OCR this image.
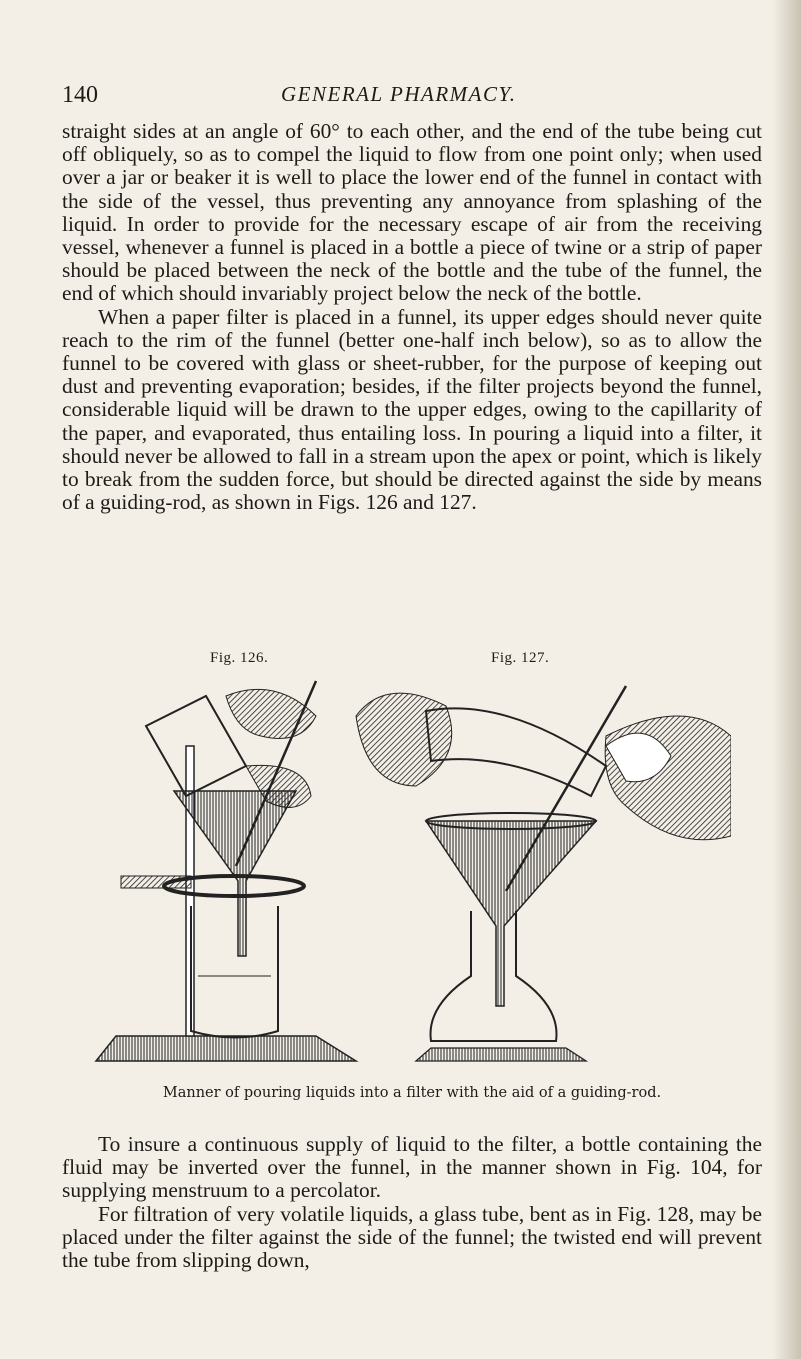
140	GENERAL PHARMACY.

straight sides at an angle of 60° to each other, and the end of the tube being cut off obliquely, so as to compel the liquid to flow from one point only; when used over a jar or beaker it is well to place the lower end of the funnel in contact with the side of the vessel, thus preventing any annoyance from splashing of the liquid. In order to provide for the necessary escape of air from the receiving vessel, whenever a funnel is placed in a bottle a piece of twine or a strip of paper should be placed between the neck of the bottle and the tube of the funnel, the end of which should invariably project below the neck of the bottle.

When a paper filter is placed in a funnel, its upper edges should never quite reach to the rim of the funnel (better one-half inch below), so as to allow the funnel to be covered with glass or sheet-rubber, for the purpose of keeping out dust and preventing evaporation; besides, if the filter projects beyond the funnel, considerable liquid will be drawn to the upper edges, owing to the capillarity of the paper, and evaporated, thus entailing loss. In pouring a liquid into a filter, it should never be allowed to fall in a stream upon the apex or point, which is likely to break from the sudden force, but should be directed against the side by means of a guiding-rod, as shown in Figs. 126 and 127.

Fig. 126.	Fig. 127.
Manner of pouring liquids into a filter with the aid of a guiding-rod.

To insure a continuous supply of liquid to the filter, a bottle containing the fluid may be inverted over the funnel, in the manner shown in Fig. 104, for supplying menstruum to a percolator.

For filtration of very volatile liquids, a glass tube, bent as in Fig. 128, may be placed under the filter against the side of the funnel; the twisted end will prevent the tube from slipping down,
